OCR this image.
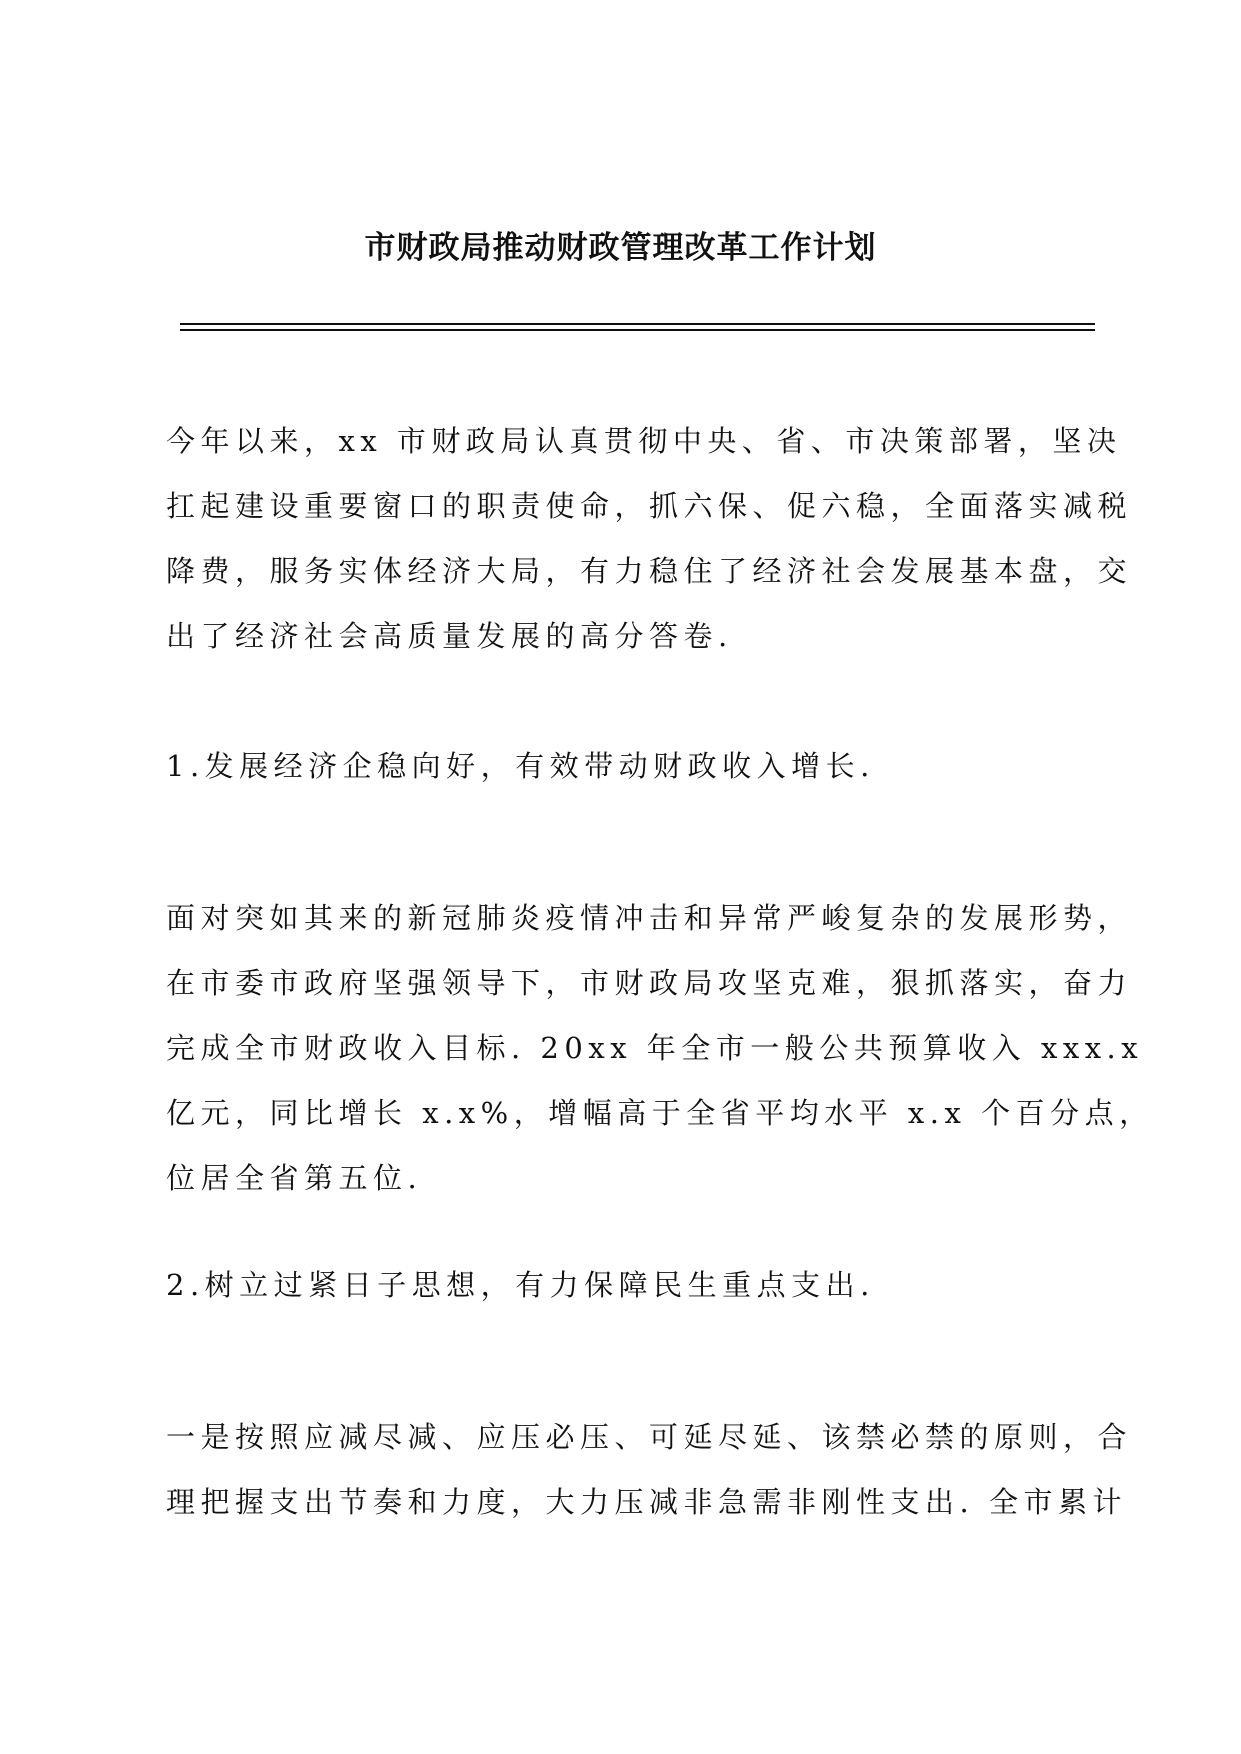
市财政局推动财政管理改革工作计划

今年以来，xx 市财政局认真贯彻中央、省、市决策部署，坚决
扛起建设重要窗口的职责使命，抓六保、促六稳，全面落实减税
降费，服务实体经济大局，有力稳住了经济社会发展基本盘，交
出了经济社会高质量发展的高分答卷.

1.发展经济企稳向好，有效带动财政收入增长.

面对突如其来的新冠肺炎疫情冲击和异常严峻复杂的发展形势，
在市委市政府坚强领导下，市财政局攻坚克难，狠抓落实，奋力
完成全市财政收入目标. 20xx 年全市一般公共预算收入 xxx.x
亿元，同比增长 x.x%，增幅高于全省平均水平 x.x 个百分点，
位居全省第五位.

2.树立过紧日子思想，有力保障民生重点支出.

一是按照应减尽减、应压必压、可延尽延、该禁必禁的原则，合
理把握支出节奏和力度，大力压减非急需非刚性支出. 全市累计
